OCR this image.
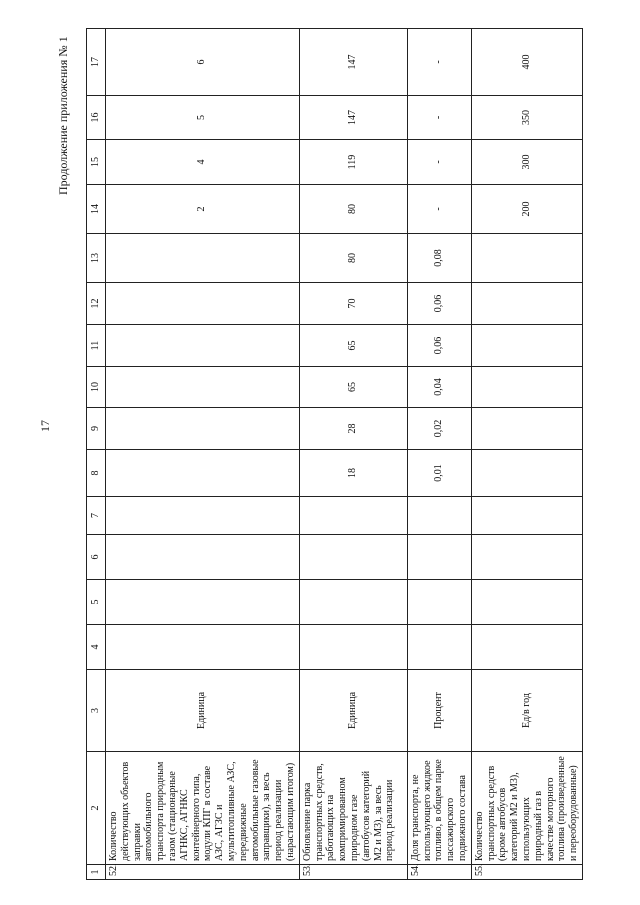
17
Продолжение приложения № 1
1	2	3	4	5	6	7	8	9	10	11	12	13	14	15	16	17
52.	Количество действующих объектов заправки автомобильного транспорта природным газом (стационарные АГНКС, АГНКС контейнерного типа, модули КПГ в составе АЗС, АГЗС и мультитопливные АЗС, передвижные автомобильные газовые заправщики), за весь период реализации (нарастающим итогом)	Единица											2	4	5	6
53.	Обновление парка транспортных средств, работающих на компримированном природном газе (автобусов категорий М2 и М3), за весь период реализации	Единица					18	28	65	65	70	80	80	119	147	147
54.	Доля транспорта, не использующего жидкое топливо, в общем парке пассажирского подвижного состава	Процент					0,01	0,02	0,04	0,06	0,06	0,08	-	-	-	-
55.	Количество транспортных средств (кроме автобусов категорий М2 и М3), использующих природный газ в качестве моторного топлива (произведенные и переоборудованные)	Ед/в год											200	300	350	400
